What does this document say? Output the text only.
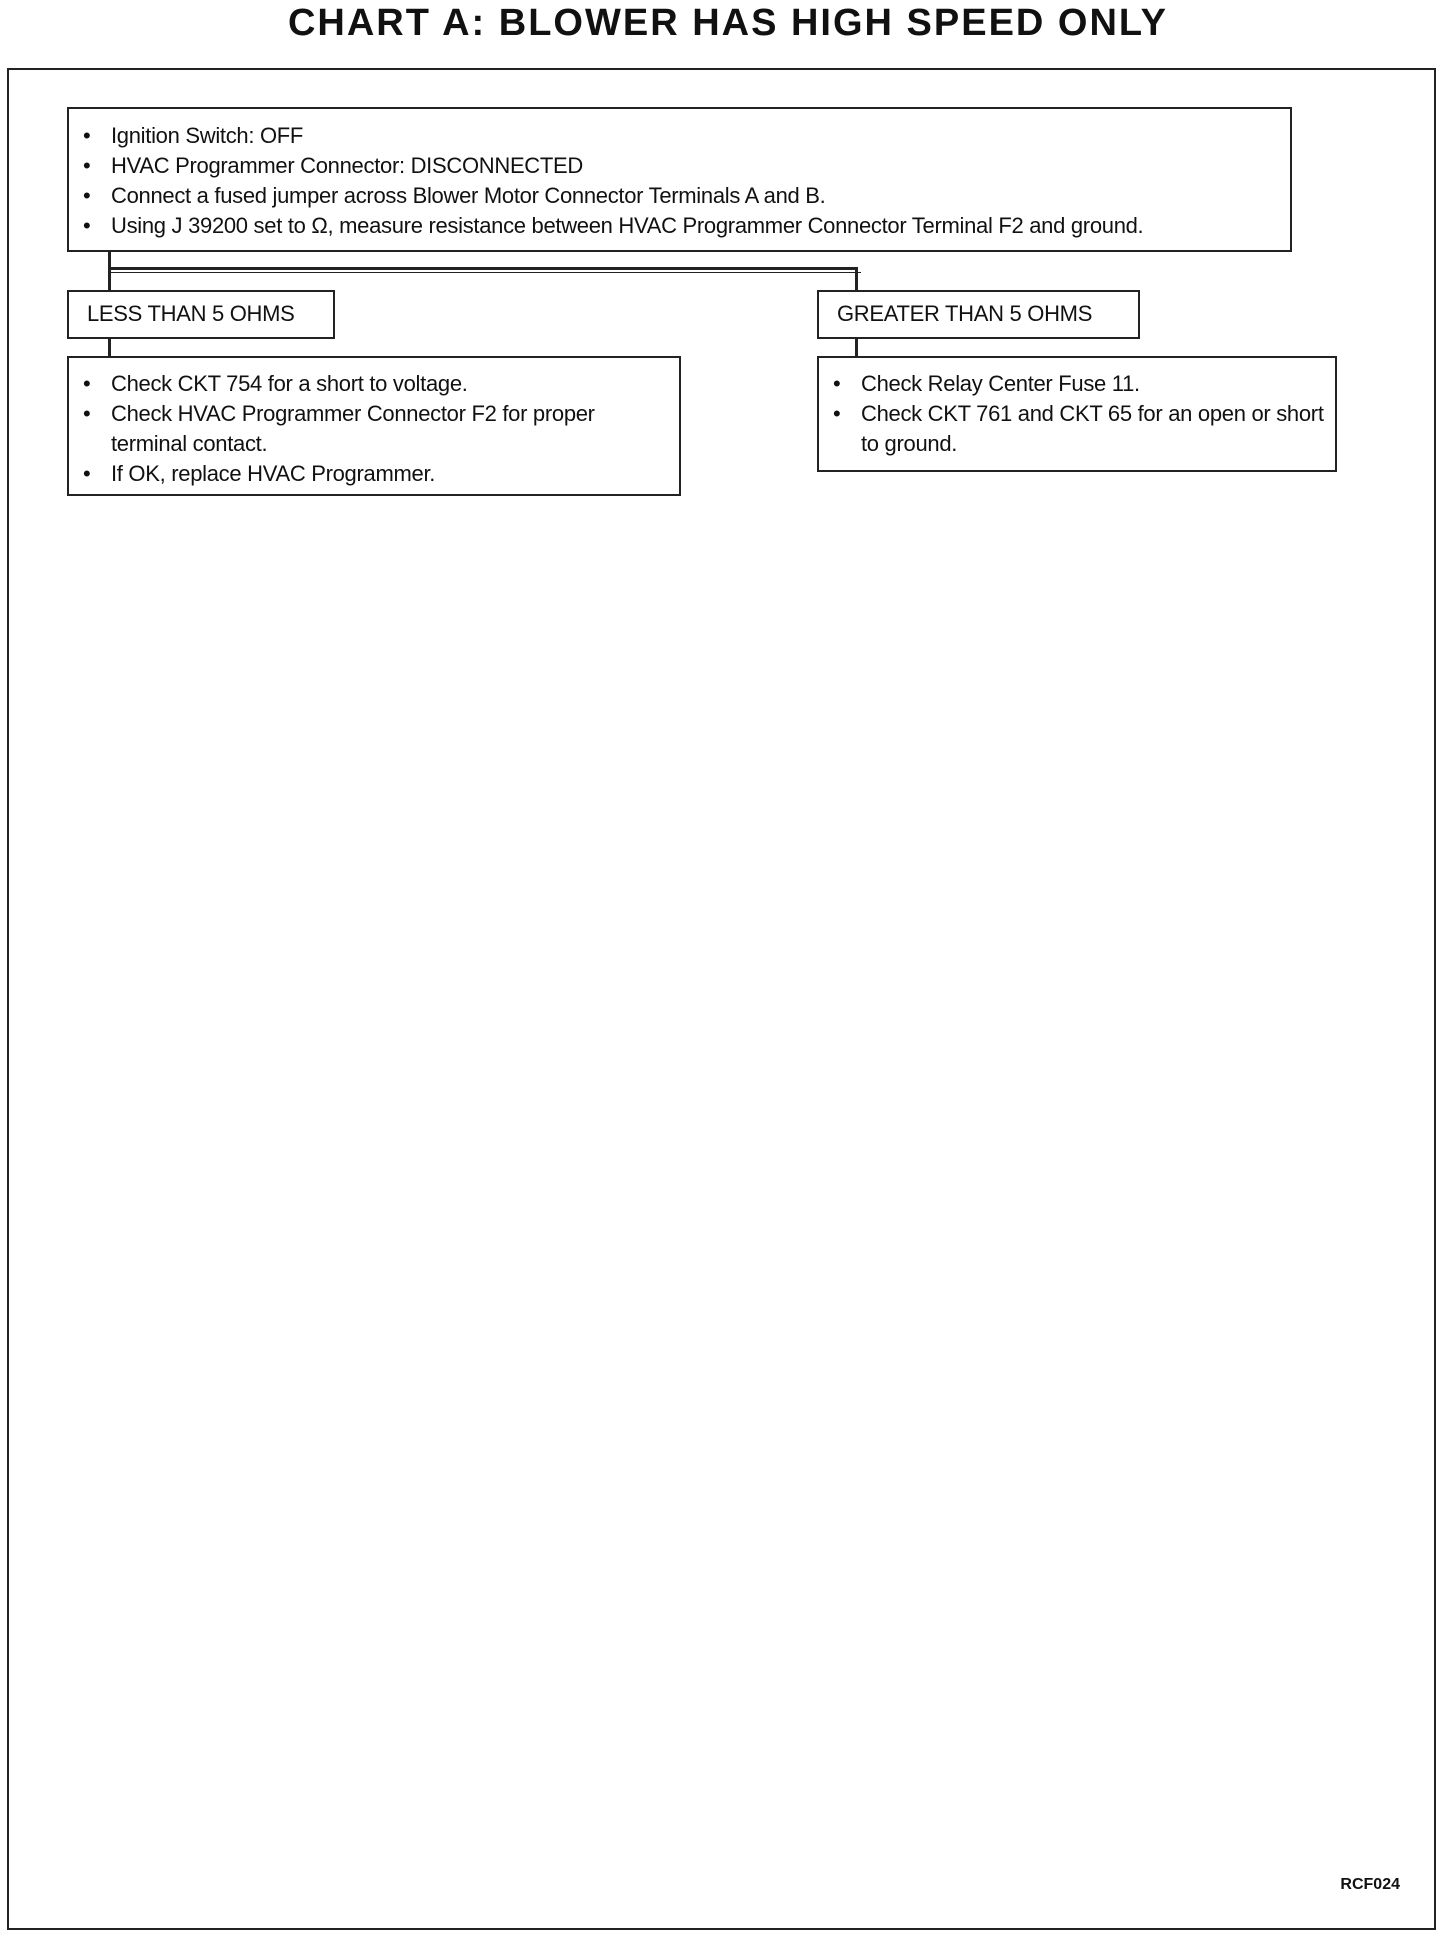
CHART A: BLOWER HAS HIGH SPEED ONLY
• Ignition Switch: OFF
• HVAC Programmer Connector: DISCONNECTED
• Connect a fused jumper across Blower Motor Connector Terminals A and B.
• Using J 39200 set to Ω, measure resistance between HVAC Programmer Connector Terminal F2 and ground.
LESS THAN 5 OHMS	GREATER THAN 5 OHMS
• Check CKT 754 for a short to voltage.
• Check HVAC Programmer Connector F2 for proper terminal contact.
• If OK, replace HVAC Programmer.
• Check Relay Center Fuse 11.
• Check CKT 761 and CKT 65 for an open or short to ground.
RCF024
